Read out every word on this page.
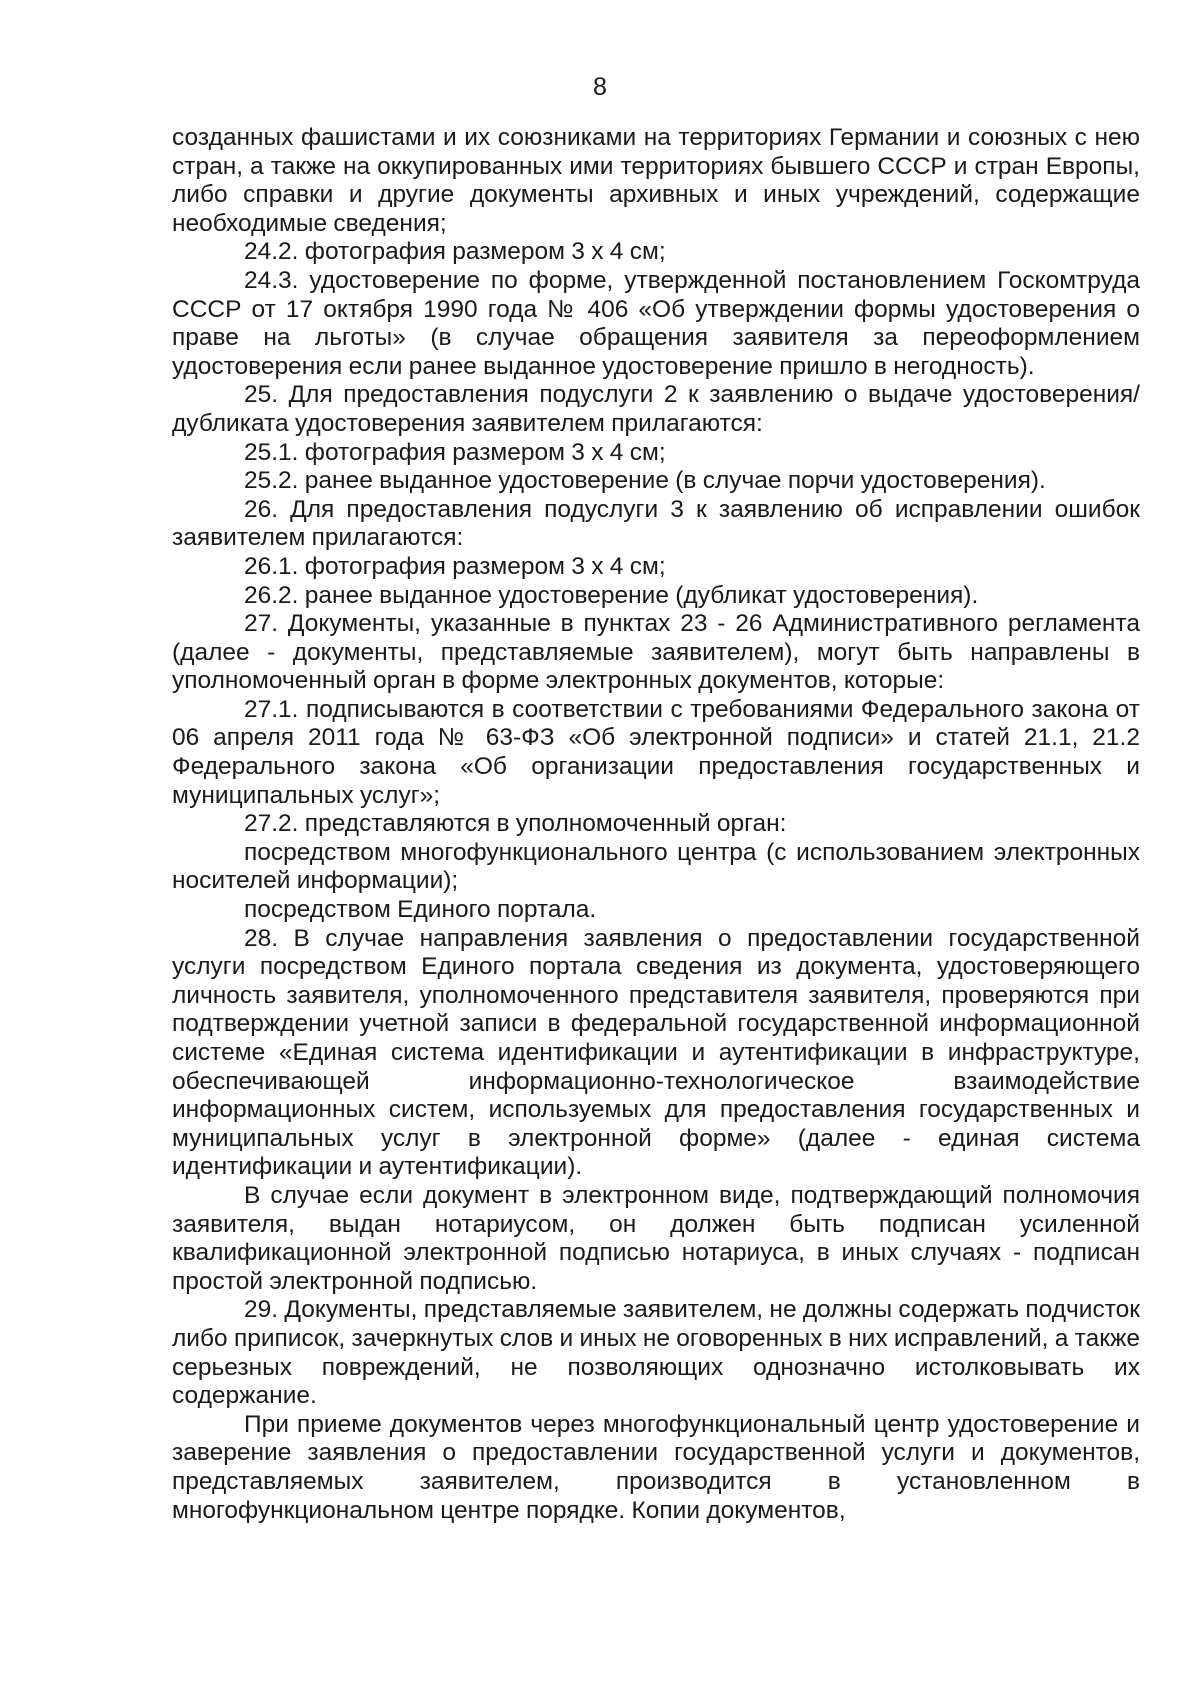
8

созданных фашистами и их союзниками на территориях Германии и союзных с нею стран, а также на оккупированных ими территориях бывшего СССР и стран Европы, либо справки и другие документы архивных и иных учреждений, содержащие необходимые сведения;

24.2. фотография размером 3 x 4 см;

24.3. удостоверение по форме, утвержденной постановлением Госкомтруда СССР от 17 октября 1990 года № 406 «Об утверждении формы удостоверения о праве на льготы» (в случае обращения заявителя за переоформлением удостоверения если ранее выданное удостоверение пришло в негодность).

25. Для предоставления подуслуги 2 к заявлению о выдаче удостоверения/дубликата удостоверения заявителем прилагаются:

25.1. фотография размером 3 x 4 см;

25.2. ранее выданное удостоверение (в случае порчи удостоверения).

26. Для предоставления подуслуги 3 к заявлению об исправлении ошибок заявителем прилагаются:

26.1. фотография размером 3 x 4 см;

26.2. ранее выданное удостоверение (дубликат удостоверения).

27. Документы, указанные в пунктах 23 - 26 Административного регламента (далее - документы, представляемые заявителем), могут быть направлены в уполномоченный орган в форме электронных документов, которые:

27.1. подписываются в соответствии с требованиями Федерального закона от 06 апреля 2011 года № 63-ФЗ «Об электронной подписи» и статей 21.1, 21.2 Федерального закона «Об организации предоставления государственных и муниципальных услуг»;

27.2. представляются в уполномоченный орган:

посредством многофункционального центра (с использованием электронных носителей информации);

посредством Единого портала.

28. В случае направления заявления о предоставлении государственной услуги посредством Единого портала сведения из документа, удостоверяющего личность заявителя, уполномоченного представителя заявителя, проверяются при подтверждении учетной записи в федеральной государственной информационной системе «Единая система идентификации и аутентификации в инфраструктуре, обеспечивающей информационно-технологическое взаимодействие информационных систем, используемых для предоставления государственных и муниципальных услуг в электронной форме» (далее - единая система идентификации и аутентификации).

В случае если документ в электронном виде, подтверждающий полномочия заявителя, выдан нотариусом, он должен быть подписан усиленной квалификационной электронной подписью нотариуса, в иных случаях - подписан простой электронной подписью.

29. Документы, представляемые заявителем, не должны содержать подчисток либо приписок, зачеркнутых слов и иных не оговоренных в них исправлений, а также серьезных повреждений, не позволяющих однозначно истолковывать их содержание.

При приеме документов через многофункциональный центр удостоверение и заверение заявления о предоставлении государственной услуги и документов, представляемых заявителем, производится в установленном в многофункциональном центре порядке. Копии документов,
